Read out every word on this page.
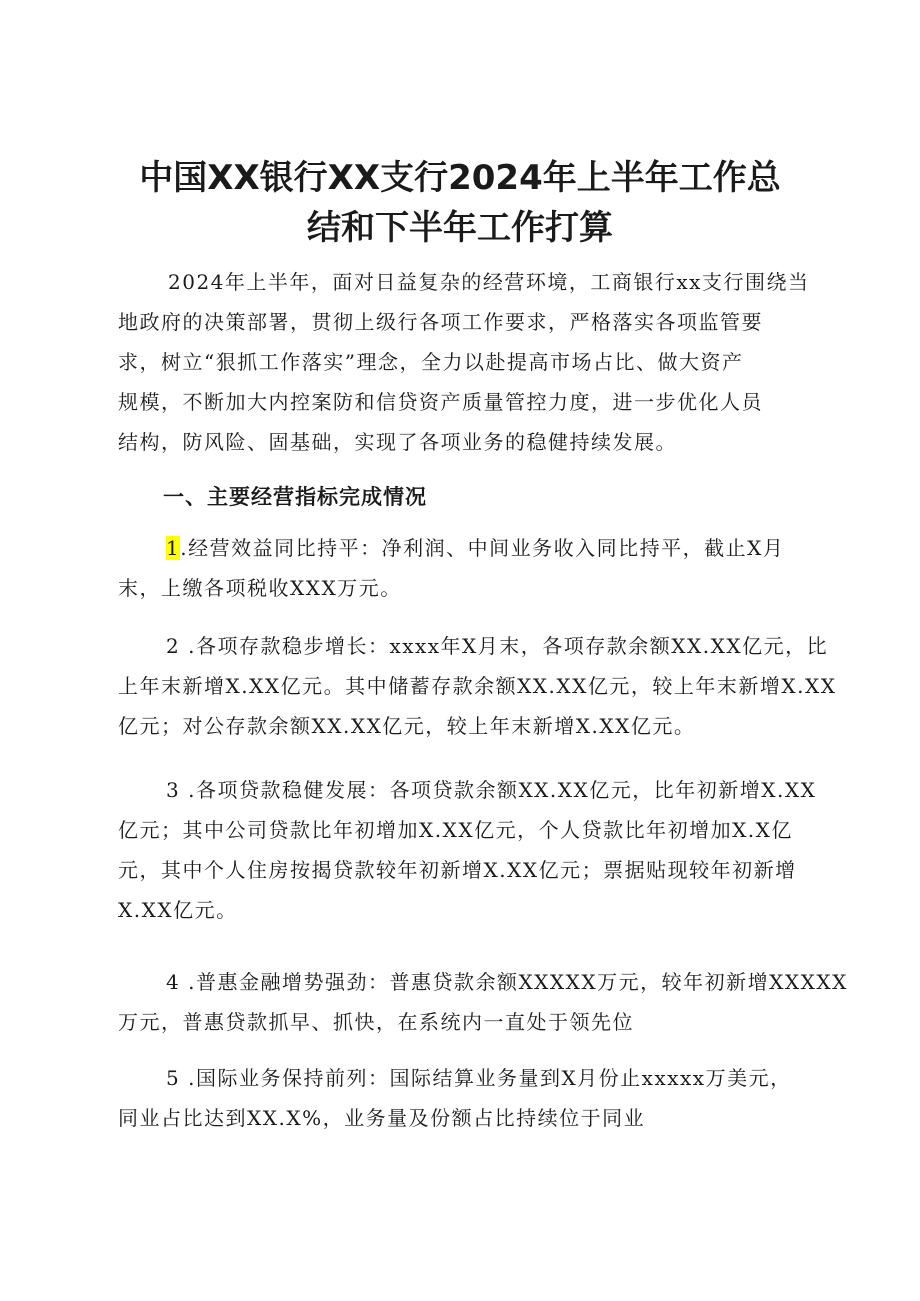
中国XX银行XX支行2024年上半年工作总
结和下半年工作打算
2024年上半年，面对日益复杂的经营环境，工商银行xx支行围绕当
地政府的决策部署，贯彻上级行各项工作要求，严格落实各项监管要
求，树立“狠抓工作落实”理念，全力以赴提高市场占比、做大资产
规模，不断加大内控案防和信贷资产质量管控力度，进一步优化人员
结构，防风险、固基础，实现了各项业务的稳健持续发展。
一、主要经营指标完成情况
1.经营效益同比持平：净利润、中间业务收入同比持平，截止X月
末，上缴各项税收XXX万元。
2 .各项存款稳步增长：xxxx年X月末，各项存款余额XX.XX亿元，比
上年末新增X.XX亿元。其中储蓄存款余额XX.XX亿元，较上年末新增X.XX
亿元；对公存款余额XX.XX亿元，较上年末新增X.XX亿元。
3 .各项贷款稳健发展：各项贷款余额XX.XX亿元，比年初新增X.XX
亿元；其中公司贷款比年初增加X.XX亿元，个人贷款比年初增加X.X亿
元，其中个人住房按揭贷款较年初新增X.XX亿元；票据贴现较年初新增
X.XX亿元。
4 .普惠金融增势强劲：普惠贷款余额XXXXX万元，较年初新增XXXXX
万元，普惠贷款抓早、抓快，在系统内一直处于领先位
5 .国际业务保持前列：国际结算业务量到X月份止xxxxx万美元，
同业占比达到XX.X%，业务量及份额占比持续位于同业
